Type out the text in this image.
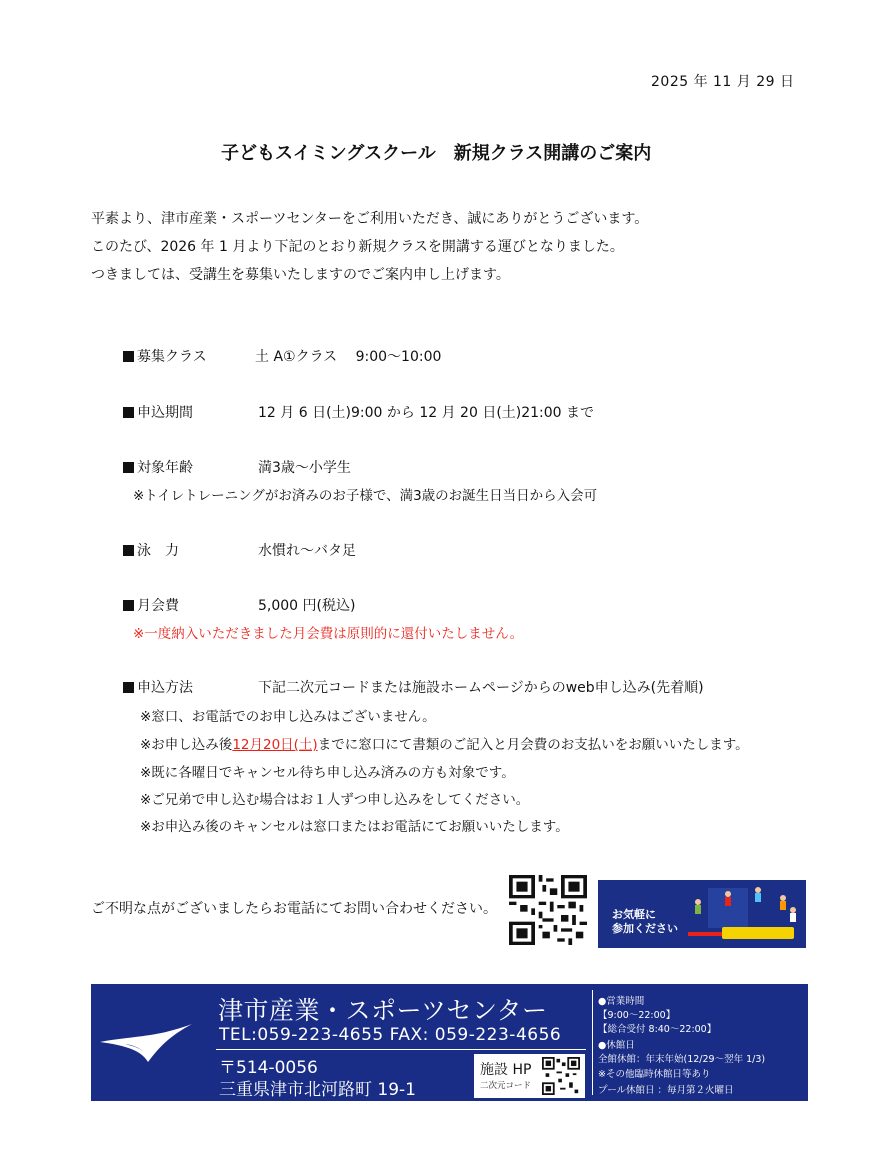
2025 年 11 月 29 日
子どもスイミングスクール　新規クラス開講のご案内
平素より、津市産業・スポーツセンターをご利用いただき、誠にありがとうございます。
このたび、2026 年 1 月より下記のとおり新規クラスを開講する運びとなりました。
つきましては、受講生を募集いたしますのでご案内申し上げます。
募集クラス	土 A①クラス　 9:00～10:00
申込期間	12 月 6 日(土)9:00 から 12 月 20 日(土)21:00 まで
対象年齢	満3歳～小学生
※トイレトレーニングがお済みのお子様で、満3歳のお誕生日当日から入会可
泳　力	水慣れ～バタ足
月会費	5,000 円(税込)
※一度納入いただきました月会費は原則的に還付いたしません。
申込方法	下記二次元コードまたは施設ホームページからのweb申し込み(先着順)
※窓口、お電話でのお申し込みはございません。
※お申し込み後12月20日(土)までに窓口にて書類のご記入と月会費のお支払いをお願いいたします。
※既に各曜日でキャンセル待ち申し込み済みの方も対象です。
※ご兄弟で申し込む場合はお１人ずつ申し込みをしてください。
※お申込み後のキャンセルは窓口またはお電話にてお願いいたします。
ご不明な点がございましたらお電話にてお問い合わせください。	お気軽に
参加ください
津市産業・スポーツセンター
TEL:059-223-4655 FAX: 059-223-4656
〒514-0056
三重県津市北河路町 19-1
施設 HP
二次元コード
●営業時間
【9:00～22:00】
【総合受付 8:40～22:00】
●休館日
全館休館：年末年始(12/29～翌年 1/3)
※その他臨時休館日等あり
プール休館日 ：毎月第２火曜日
